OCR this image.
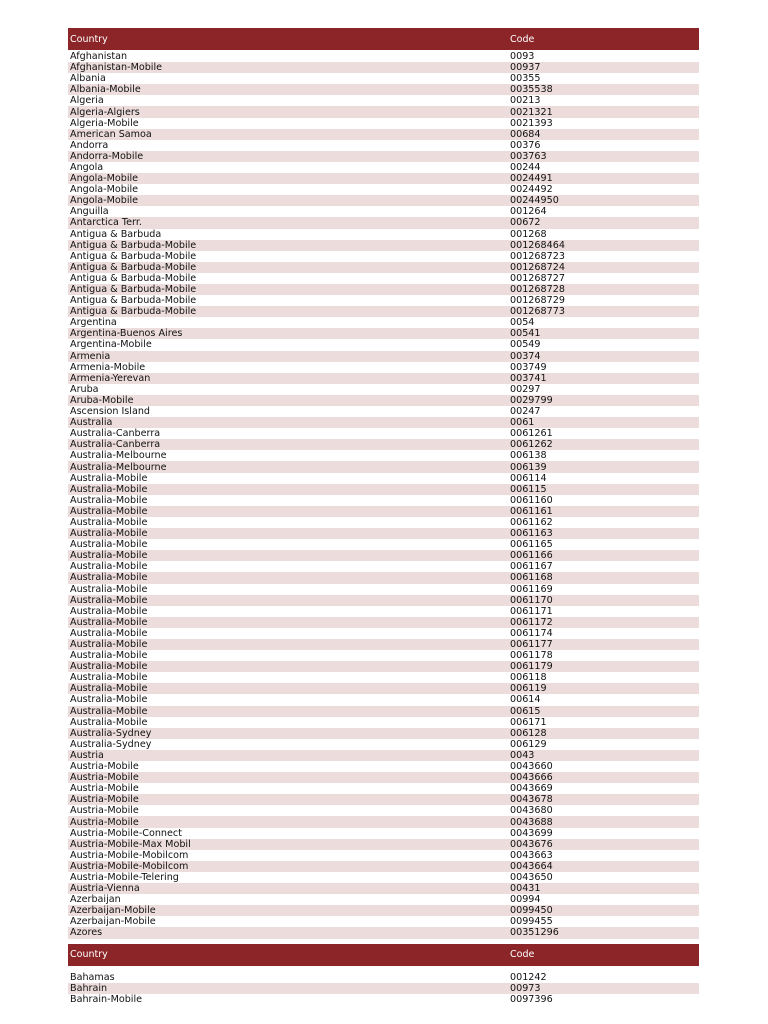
Country	Code
Afghanistan	0093
Afghanistan-Mobile	00937
Albania	00355
Albania-Mobile	0035538
Algeria	00213
Algeria-Algiers	0021321
Algeria-Mobile	0021393
American Samoa	00684
Andorra	00376
Andorra-Mobile	003763
Angola	00244
Angola-Mobile	0024491
Angola-Mobile	0024492
Angola-Mobile	00244950
Anguilla	001264
Antarctica Terr.	00672
Antigua & Barbuda	001268
Antigua & Barbuda-Mobile	001268464
Antigua & Barbuda-Mobile	001268723
Antigua & Barbuda-Mobile	001268724
Antigua & Barbuda-Mobile	001268727
Antigua & Barbuda-Mobile	001268728
Antigua & Barbuda-Mobile	001268729
Antigua & Barbuda-Mobile	001268773
Argentina	0054
Argentina-Buenos Aires	00541
Argentina-Mobile	00549
Armenia	00374
Armenia-Mobile	003749
Armenia-Yerevan	003741
Aruba	00297
Aruba-Mobile	0029799
Ascension Island	00247
Australia	0061
Australia-Canberra	0061261
Australia-Canberra	0061262
Australia-Melbourne	006138
Australia-Melbourne	006139
Australia-Mobile	006114
Australia-Mobile	006115
Australia-Mobile	0061160
Australia-Mobile	0061161
Australia-Mobile	0061162
Australia-Mobile	0061163
Australia-Mobile	0061165
Australia-Mobile	0061166
Australia-Mobile	0061167
Australia-Mobile	0061168
Australia-Mobile	0061169
Australia-Mobile	0061170
Australia-Mobile	0061171
Australia-Mobile	0061172
Australia-Mobile	0061174
Australia-Mobile	0061177
Australia-Mobile	0061178
Australia-Mobile	0061179
Australia-Mobile	006118
Australia-Mobile	006119
Australia-Mobile	00614
Australia-Mobile	00615
Australia-Mobile	006171
Australia-Sydney	006128
Australia-Sydney	006129
Austria	0043
Austria-Mobile	0043660
Austria-Mobile	0043666
Austria-Mobile	0043669
Austria-Mobile	0043678
Austria-Mobile	0043680
Austria-Mobile	0043688
Austria-Mobile-Connect	0043699
Austria-Mobile-Max Mobil	0043676
Austria-Mobile-Mobilcom	0043663
Austria-Mobile-Mobilcom	0043664
Austria-Mobile-Telering	0043650
Austria-Vienna	00431
Azerbaijan	00994
Azerbaijan-Mobile	0099450
Azerbaijan-Mobile	0099455
Azores	00351296
Country	Code
Bahamas	001242
Bahrain	00973
Bahrain-Mobile	0097396
